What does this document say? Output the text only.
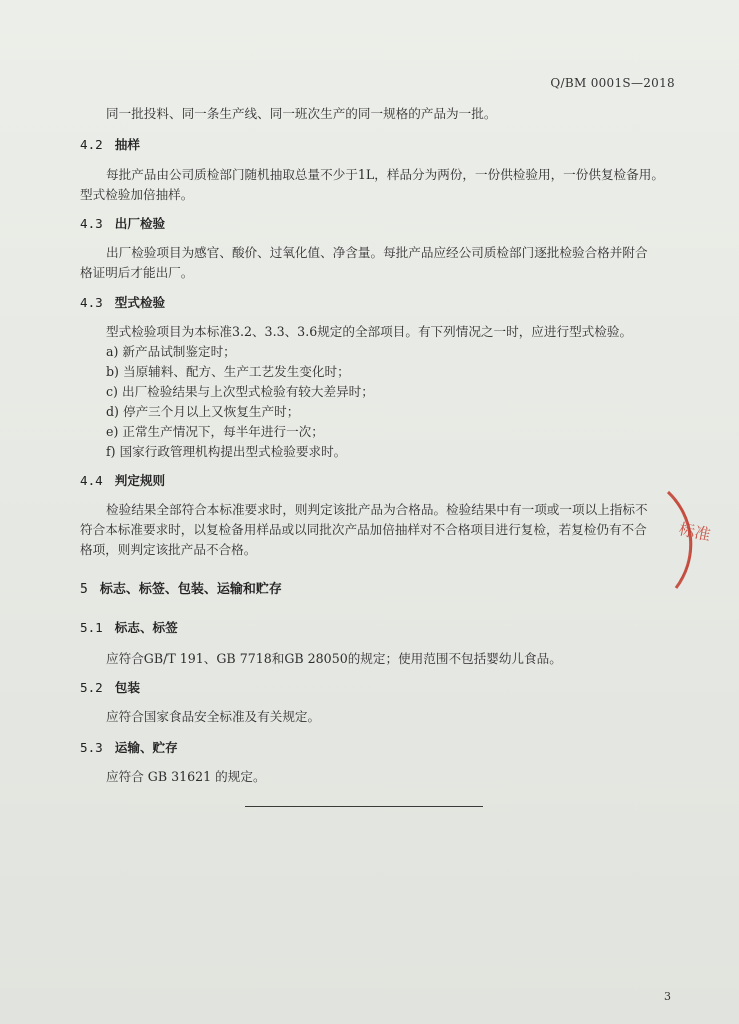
Q/BM 0001S—2018
同一批投料、同一条生产线、同一班次生产的同一规格的产品为一批。
4.2 抽样
每批产品由公司质检部门随机抽取总量不少于1L，样品分为两份，一份供检验用，一份供复检备用。
型式检验加倍抽样。
4.3 出厂检验
出厂检验项目为感官、酸价、过氧化值、净含量。每批产品应经公司质检部门逐批检验合格并附合
格证明后才能出厂。
4.3 型式检验
型式检验项目为本标准3.2、3.3、3.6规定的全部项目。有下列情况之一时，应进行型式检验。
a) 新产品试制鉴定时；
b) 当原辅料、配方、生产工艺发生变化时；
c) 出厂检验结果与上次型式检验有较大差异时；
d) 停产三个月以上又恢复生产时；
e) 正常生产情况下，每半年进行一次；
f) 国家行政管理机构提出型式检验要求时。
4.4 判定规则
检验结果全部符合本标准要求时，则判定该批产品为合格品。检验结果中有一项或一项以上指标不
符合本标准要求时，以复检备用样品或以同批次产品加倍抽样对不合格项目进行复检，若复检仍有不合
格项，则判定该批产品不合格。
5 标志、标签、包装、运输和贮存
5.1 标志、标签
应符合GB/T 191、GB 7718和GB 28050的规定；使用范围不包括婴幼儿食品。
5.2 包装
应符合国家食品安全标准及有关规定。
5.3 运输、贮存
应符合 GB 31621 的规定。
3
标准
